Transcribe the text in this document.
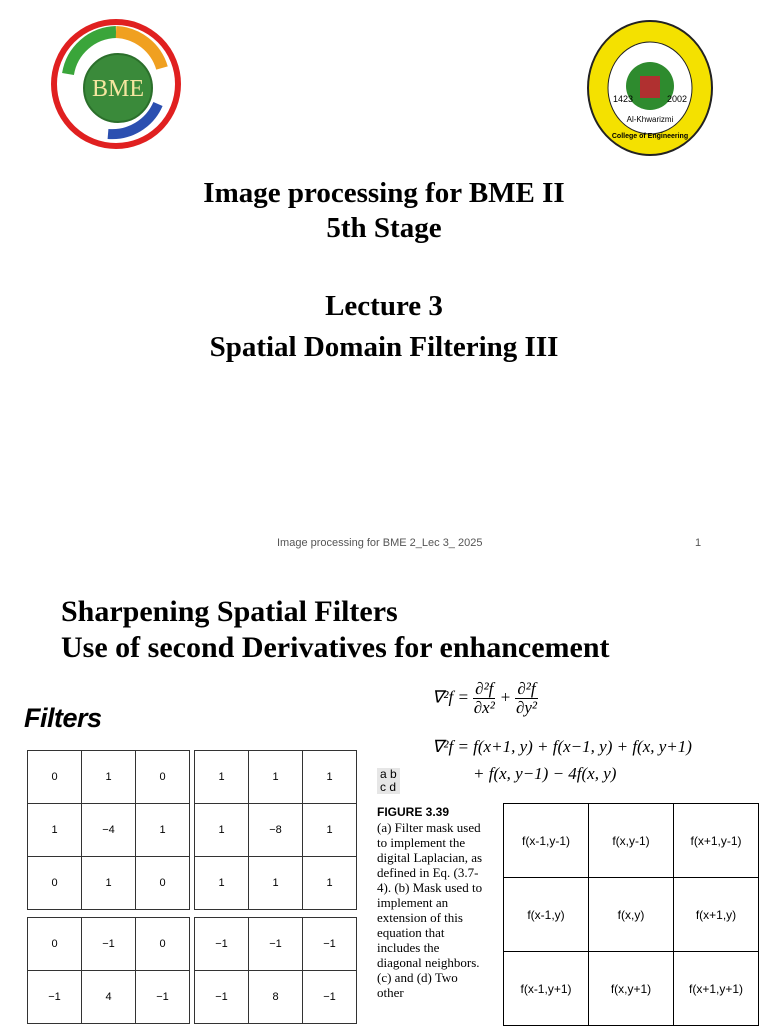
BME	1423	2002
Al-Khwarizmi
College of Engineering
Image processing for BME II
5th Stage
Lecture 3
Spatial Domain Filtering III
Image processing for BME 2_Lec 3_ 2025	1
Sharpening Spatial Filters
Use of second Derivatives for enhancement
Filters
$\nabla^2f = \frac{\text{∂²f}}{\text{∂x²}} + \frac{\text{∂²f}}{\text{∂y²}}$
∇²f = f(x+1, y) + f(x−1, y) + f(x, y+1)
+ f(x, y−1) − 4f(x, y)
0	1	0
1	−4	1
0	1	0
1	1	1
1	−8	1
1	1	1
0	−1	0
−1	4	−1
−1	−1	−1
−1	8	−1
a b
c d
FIGURE 3.39
(a) Filter mask used to implement the digital Laplacian, as defined in Eq. (3.7-4). (b) Mask used to implement an extension of this equation that includes the diagonal neighbors. (c) and (d) Two other
f(x-1,y-1)	f(x,y-1)	f(x+1,y-1)
f(x-1,y)	f(x,y)	f(x+1,y)
f(x-1,y+1)	f(x,y+1)	f(x+1,y+1)
